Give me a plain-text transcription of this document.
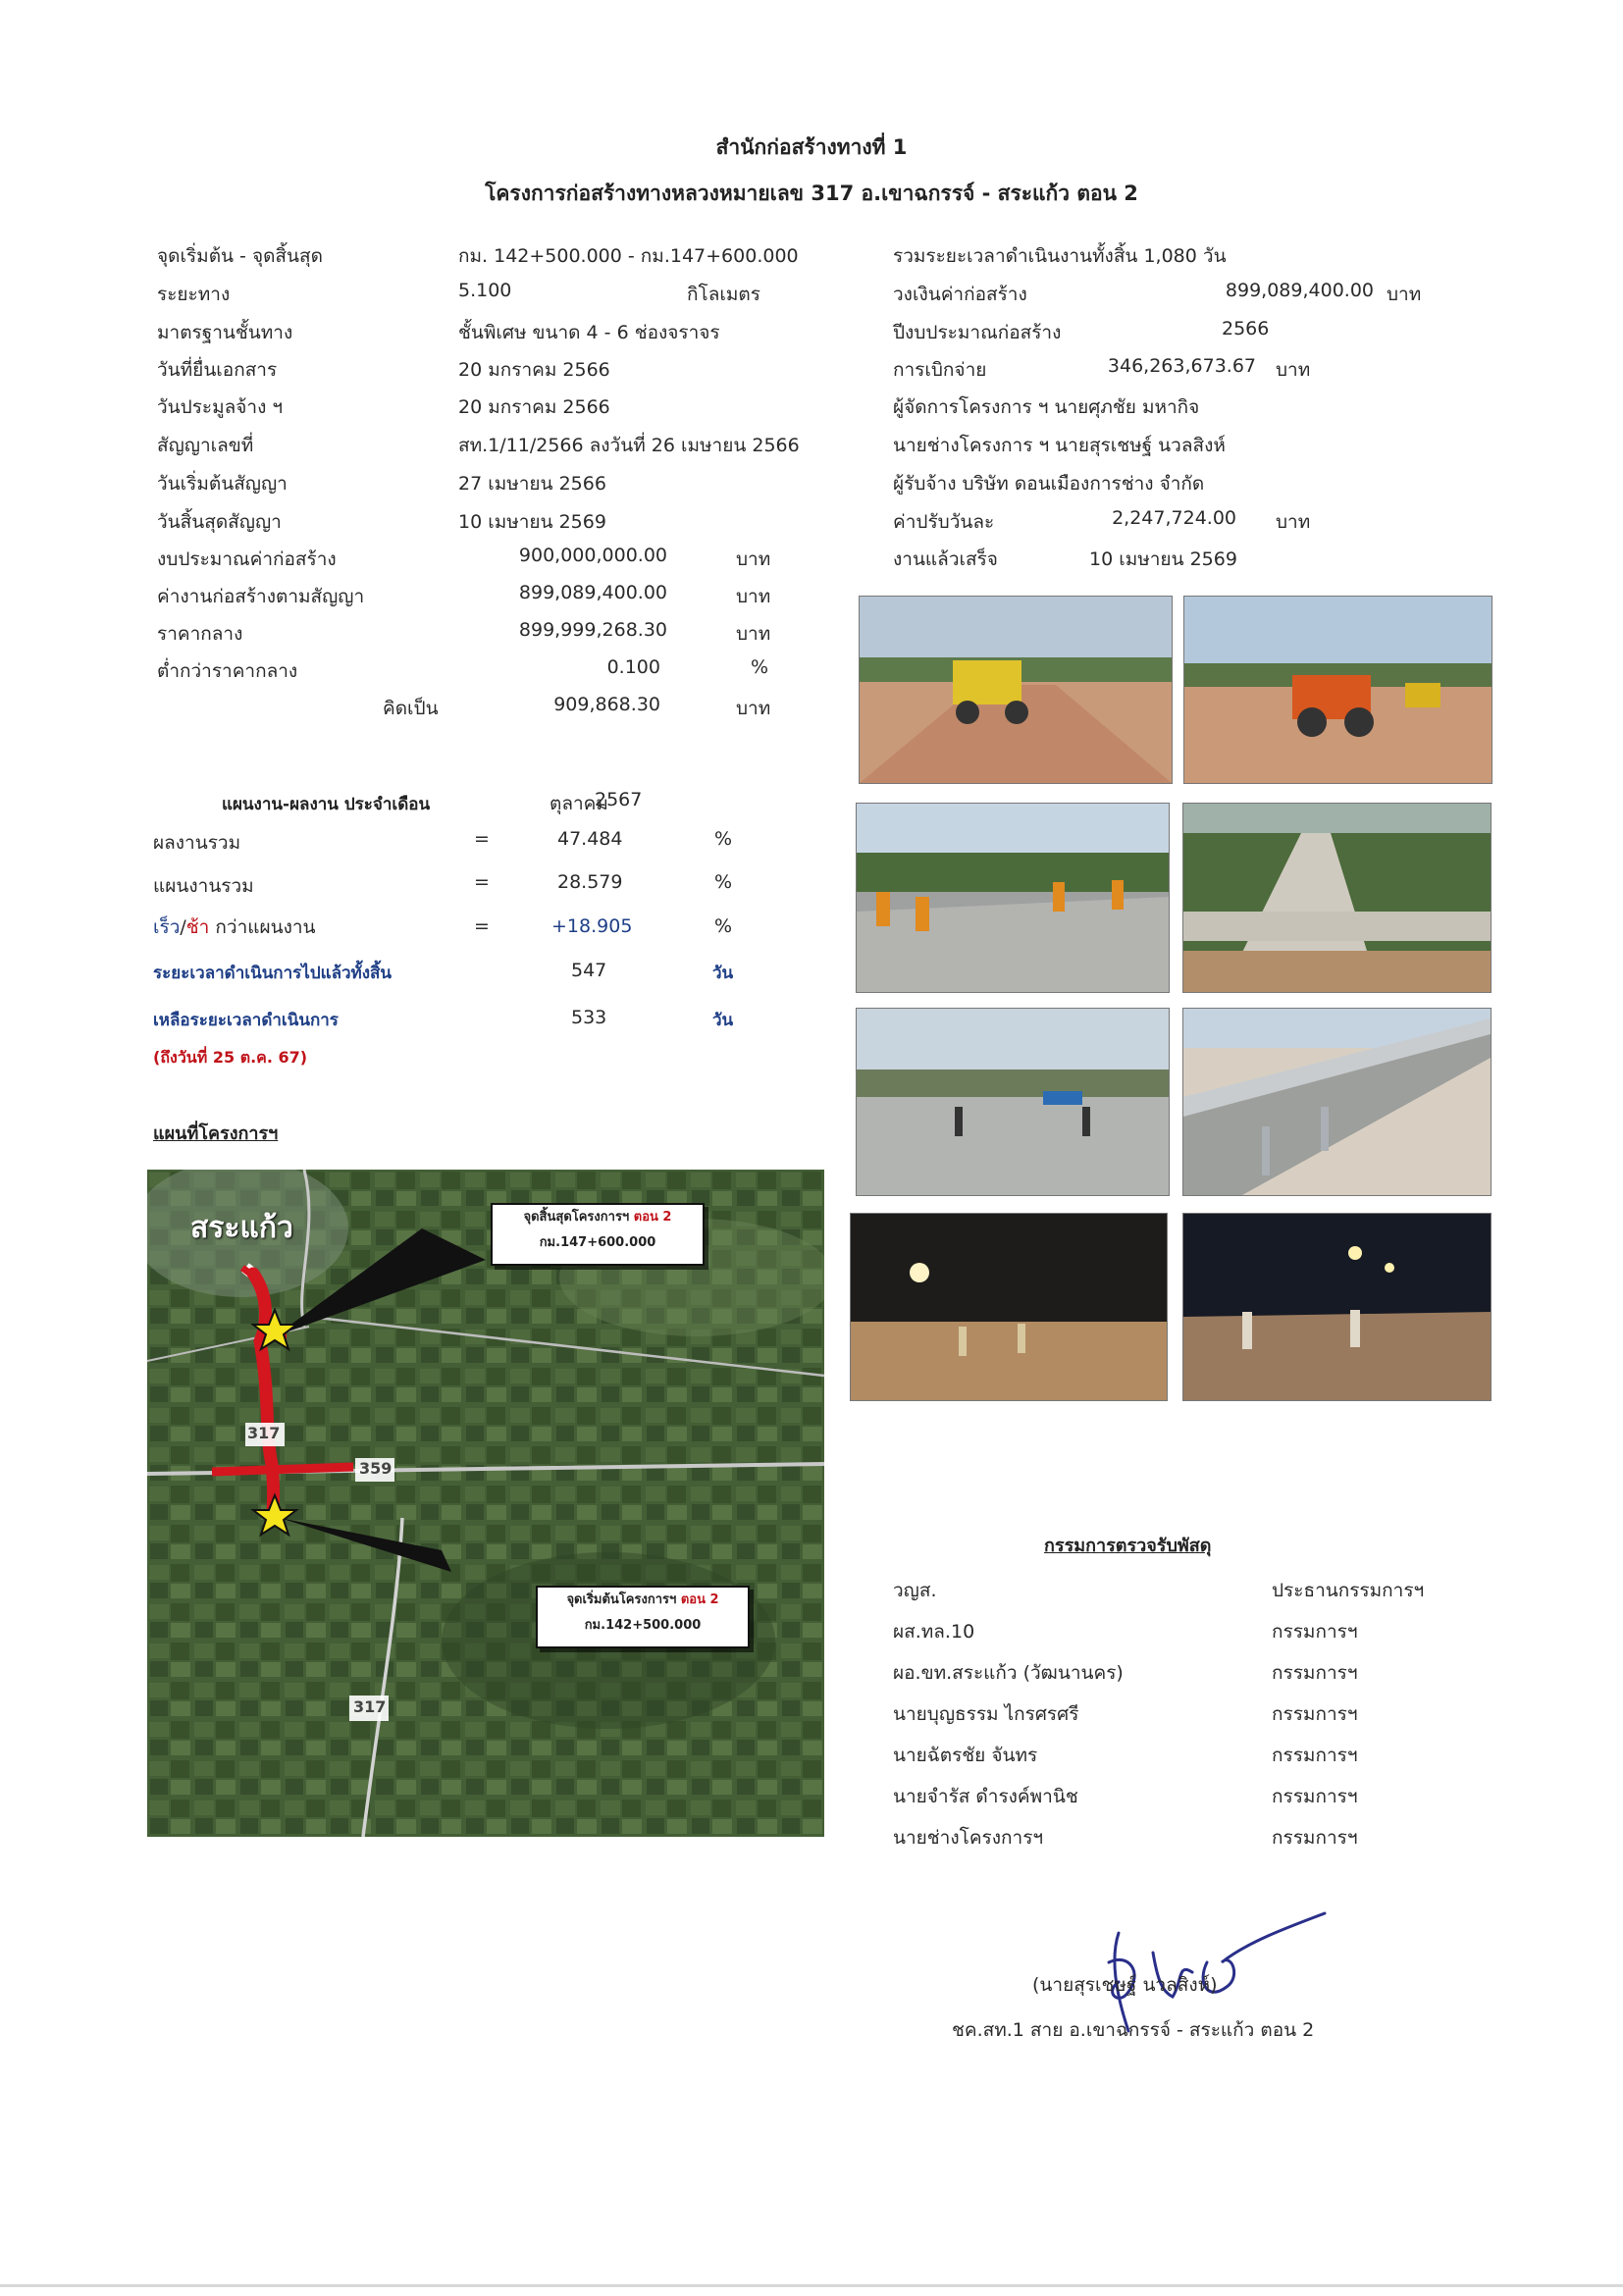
สำนักก่อสร้างทางที่ 1
โครงการก่อสร้างทางหลวงหมายเลข 317 อ.เขาฉกรรจ์ - สระแก้ว ตอน 2
จุดเริ่มต้น - จุดสิ้นสุด	กม. 142+500.000 - กม.147+600.000
ระยะทาง	5.100	กิโลเมตร
มาตรฐานชั้นทาง	ชั้นพิเศษ ขนาด 4 - 6 ช่องจราจร
วันที่ยื่นเอกสาร	20 มกราคม 2566
วันประมูลจ้าง ฯ	20 มกราคม 2566
สัญญาเลขที่	สท.1/11/2566 ลงวันที่ 26 เมษายน 2566
วันเริ่มต้นสัญญา	27 เมษายน 2566
วันสิ้นสุดสัญญา	10 เมษายน 2569
งบประมาณค่าก่อสร้าง	900,000,000.00	บาท
ค่างานก่อสร้างตามสัญญา	899,089,400.00	บาท
ราคากลาง	899,999,268.30	บาท
ต่ำกว่าราคากลาง	0.100	%
คิดเป็น	909,868.30	บาท
รวมระยะเวลาดำเนินงานทั้งสิ้น 1,080 วัน
วงเงินค่าก่อสร้าง	899,089,400.00 บาท
ปีงบประมาณก่อสร้าง	2566
การเบิกจ่าย	346,263,673.67 บาท
ผู้จัดการโครงการ ฯ นายศุภชัย มหากิจ
นายช่างโครงการ ฯ นายสุรเชษฐ์ นวลสิงห์
ผู้รับจ้าง บริษัท ดอนเมืองการช่าง จำกัด
ค่าปรับวันละ	2,247,724.00 บาท
งานแล้วเสร็จ	10 เมษายน 2569
แผนงาน-ผลงาน ประจำเดือน	ตุลาคม
2567
ผลงานรวม	=	47.484	%
แผนงานรวม	=	28.579	%
เร็ว/ช้า กว่าแผนงาน	=	+18.905	%
ระยะเวลาดำเนินการไปแล้วทั้งสิ้น	547	วัน
เหลือระยะเวลาดำเนินการ	533	วัน
(ถึงวันที่ 25 ต.ค. 67)
แผนที่โครงการฯ
สระแก้ว
317
359
317
จุดสิ้นสุดโครงการฯ ตอน 2
กม.147+600.000
จุดเริ่มต้นโครงการฯ ตอน 2
กม.142+500.000
กรรมการตรวจรับพัสดุ
วญส.	ประธานกรรมการฯ
ผส.ทล.10	กรรมการฯ
ผอ.ขท.สระแก้ว (วัฒนานคร)	กรรมการฯ
นายบุญธรรม ไกรศรศรี	กรรมการฯ
นายฉัตรชัย จันทร	กรรมการฯ
นายจำรัส ดำรงค์พานิช	กรรมการฯ
นายช่างโครงการฯ	กรรมการฯ
(นายสุรเชษฐ์ นวลสิงห์)
ชค.สท.1 สาย อ.เขาฉกรรจ์ - สระแก้ว ตอน 2
